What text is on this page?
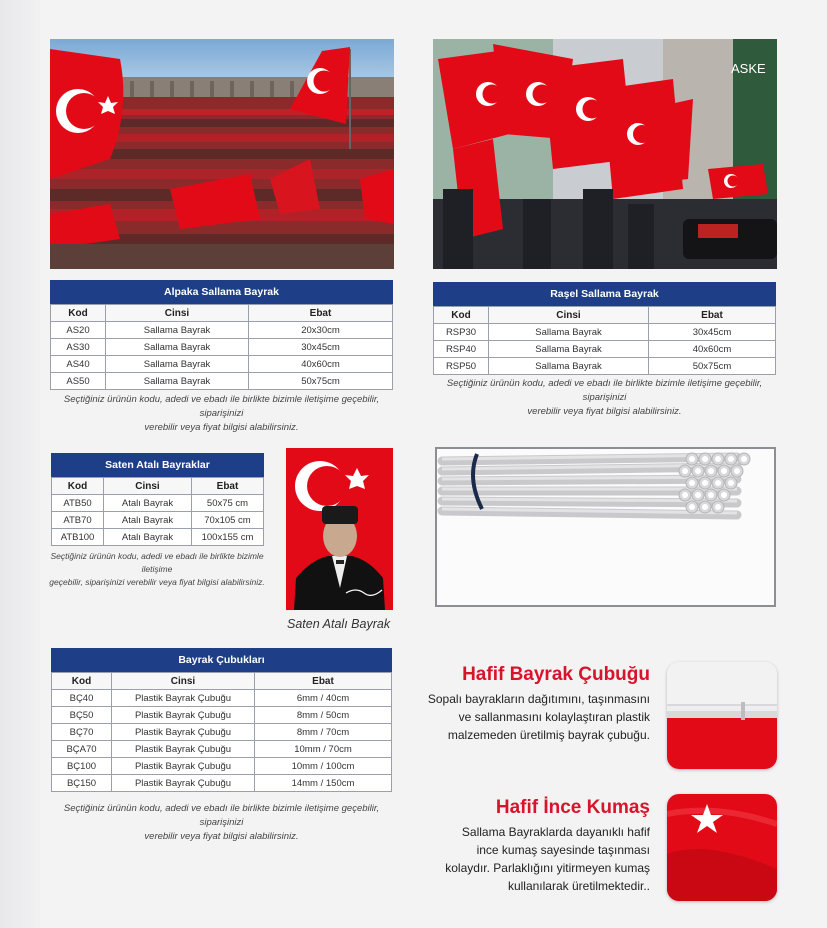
ASKE
Alpaka Sallama Bayrak
Kod	Cinsi	Ebat
AS20	Sallama Bayrak	20x30cm
AS30	Sallama Bayrak	30x45cm
AS40	Sallama Bayrak	40x60cm
AS50	Sallama Bayrak	50x75cm
Seçtiğiniz ürünün kodu, adedi ve ebadı ile birlikte bizimle iletişime geçebilir, siparişinizi
verebilir veya fiyat bilgisi alabilirsiniz.
Raşel Sallama Bayrak
Kod	Cinsi	Ebat
RSP30	Sallama Bayrak	30x45cm
RSP40	Sallama Bayrak	40x60cm
RSP50	Sallama Bayrak	50x75cm
Seçtiğiniz ürünün kodu, adedi ve ebadı ile birlikte bizimle iletişime geçebilir, siparişinizi
verebilir veya fiyat bilgisi alabilirsiniz.
Saten Atalı Bayraklar
Kod	Cinsi	Ebat
ATB50	Atalı Bayrak	50x75 cm
ATB70	Atalı Bayrak	70x105 cm
ATB100	Atalı Bayrak	100x155 cm
Seçtiğiniz ürünün kodu, adedi ve ebadı ile birlikte bizimle iletişime
geçebilir, siparişinizi verebilir veya fiyat bilgisi alabilirsiniz.
Saten Atalı Bayrak
Bayrak Çubukları
Kod	Cinsi	Ebat
BÇ40	Plastik Bayrak Çubuğu	6mm / 40cm
BÇ50	Plastik Bayrak Çubuğu	8mm / 50cm
BÇ70	Plastik Bayrak Çubuğu	8mm / 70cm
BÇA70	Plastik Bayrak Çubuğu	10mm / 70cm
BÇ100	Plastik Bayrak Çubuğu	10mm / 100cm
BÇ150	Plastik Bayrak Çubuğu	14mm / 150cm
Seçtiğiniz ürünün kodu, adedi ve ebadı ile birlikte bizimle iletişime geçebilir, siparişinizi
verebilir veya fiyat bilgisi alabilirsiniz.
Hafif Bayrak Çubuğu
Sopalı bayrakların dağıtımını, taşınmasını
ve sallanmasını kolaylaştıran plastik
malzemeden üretilmiş bayrak çubuğu.
Hafif İnce Kumaş
Sallama Bayraklarda dayanıklı hafif
ince kumaş sayesinde taşınması
kolaydır. Parlaklığını yitirmeyen kumaş
kullanılarak üretilmektedir..
